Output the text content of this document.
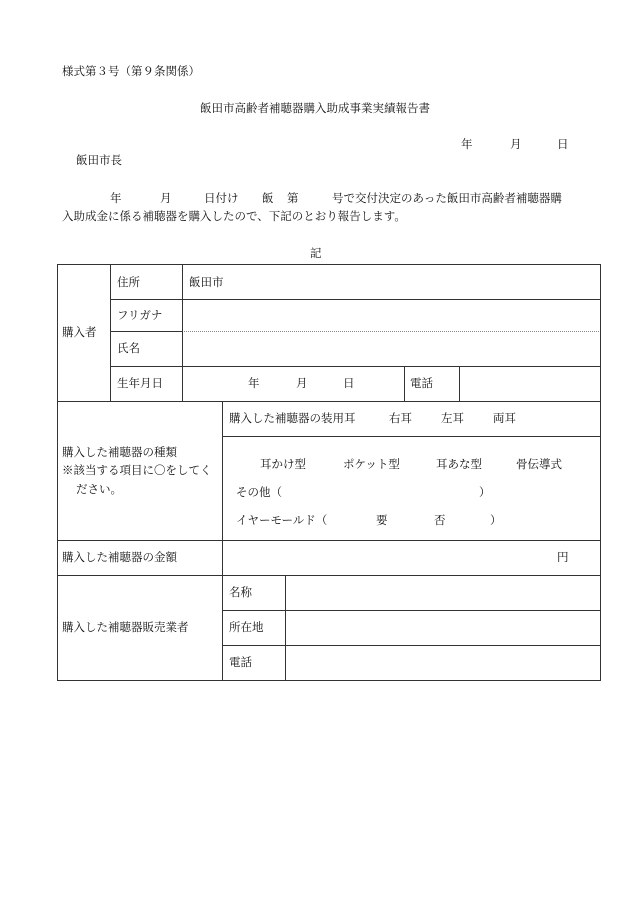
様式第３号（第９条関係）
飯田市高齢者補聴器購入助成事業実績報告書
年	月	日
飯田市長
年	月	日付け 飯 第	号で交付決定のあった飯田市高齢者補聴器購
入助成金に係る補聴器を購入したので、下記のとおり報告します。
記
購入者
住所	飯田市
フリガナ
氏名
生年月日	年	月	日	電話
購入した補聴器の種類
※該当する項目に〇をしてく
ださい。
購入した補聴器の装用耳	右耳	左耳	両耳
耳かけ型	ポケット型	耳あな型	骨伝導式
その他（	）
イヤーモールド（	要	否	）
購入した補聴器の金額	円
購入した補聴器販売業者
名称
所在地
電話
